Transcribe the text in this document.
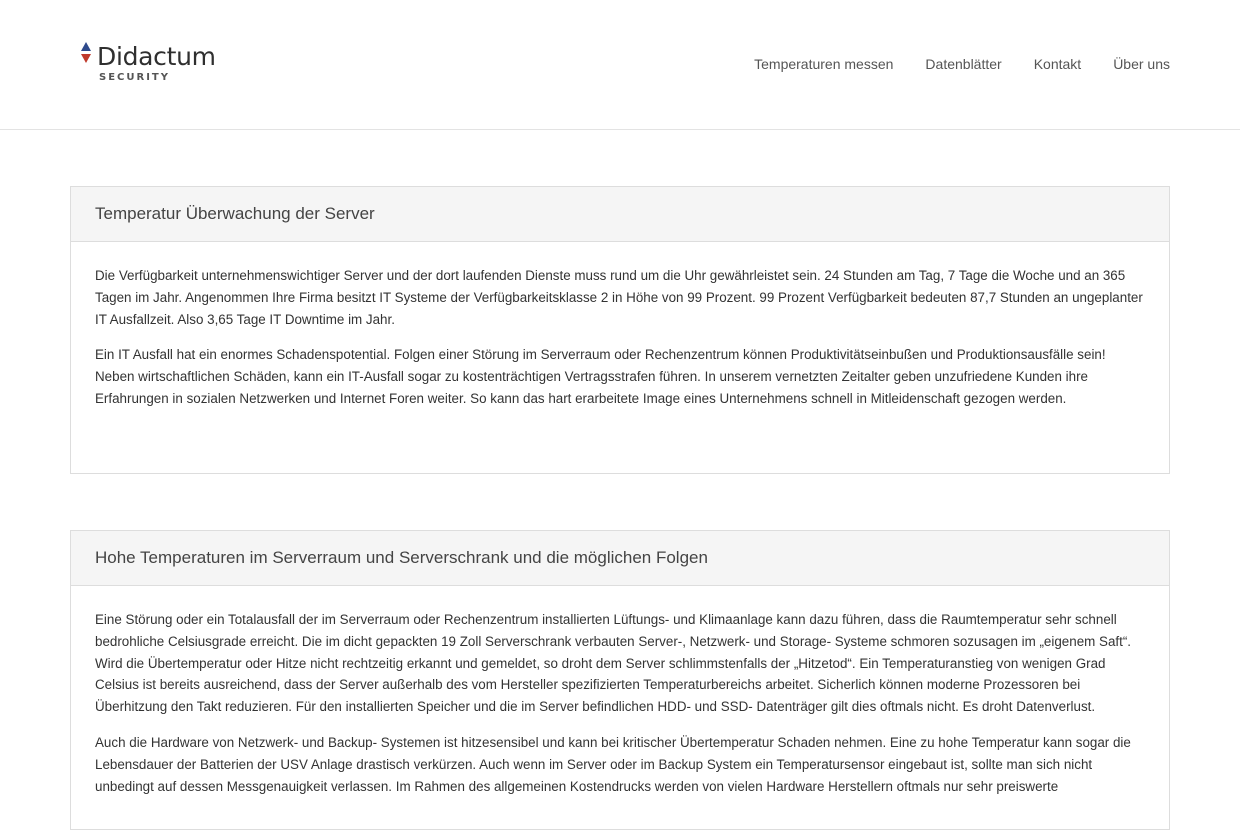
Didactum
SECURITY
Temperaturen messen Datenblätter Kontakt Über uns
Temperatur Überwachung der Server

Die Verfügbarkeit unternehmenswichtiger Server und der dort laufenden Dienste muss rund um die Uhr gewährleistet sein. 24 Stunden am Tag, 7 Tage die Woche und an 365 Tagen im Jahr. Angenommen Ihre Firma besitzt IT Systeme der Verfügbarkeitsklasse 2 in Höhe von 99 Prozent. 99 Prozent Verfügbarkeit bedeuten 87,7 Stunden an ungeplanter IT Ausfallzeit. Also 3,65 Tage IT Downtime im Jahr.

Ein IT Ausfall hat ein enormes Schadenspotential. Folgen einer Störung im Serverraum oder Rechenzentrum können Produktivitätseinbußen und Produktionsausfälle sein! Neben wirtschaftlichen Schäden, kann ein IT-Ausfall sogar zu kostenträchtigen Vertragsstrafen führen. In unserem vernetzten Zeitalter geben unzufriedene Kunden ihre Erfahrungen in sozialen Netzwerken und Internet Foren weiter. So kann das hart erarbeitete Image eines Unternehmens schnell in Mitleidenschaft gezogen werden.

Hohe Temperaturen im Serverraum und Serverschrank und die möglichen Folgen

Eine Störung oder ein Totalausfall der im Serverraum oder Rechenzentrum installierten Lüftungs- und Klimaanlage kann dazu führen, dass die Raumtemperatur sehr schnell bedrohliche Celsiusgrade erreicht. Die im dicht gepackten 19 Zoll Serverschrank verbauten Server-, Netzwerk- und Storage- Systeme schmoren sozusagen im „eigenem Saft“. Wird die Übertemperatur oder Hitze nicht rechtzeitig erkannt und gemeldet, so droht dem Server schlimmstenfalls der „Hitzetod“. Ein Temperaturanstieg von wenigen Grad Celsius ist bereits ausreichend, dass der Server außerhalb des vom Hersteller spezifizierten Temperaturbereichs arbeitet. Sicherlich können moderne Prozessoren bei Überhitzung den Takt reduzieren. Für den installierten Speicher und die im Server befindlichen HDD- und SSD- Datenträger gilt dies oftmals nicht. Es droht Datenverlust.

Auch die Hardware von Netzwerk- und Backup- Systemen ist hitzesensibel und kann bei kritischer Übertemperatur Schaden nehmen. Eine zu hohe Temperatur kann sogar die Lebensdauer der Batterien der USV Anlage drastisch verkürzen. Auch wenn im Server oder im Backup System ein Temperatursensor eingebaut ist, sollte man sich nicht unbedingt auf dessen Messgenauigkeit verlassen. Im Rahmen des allgemeinen Kostendrucks werden von vielen Hardware Herstellern oftmals nur sehr preiswerte
